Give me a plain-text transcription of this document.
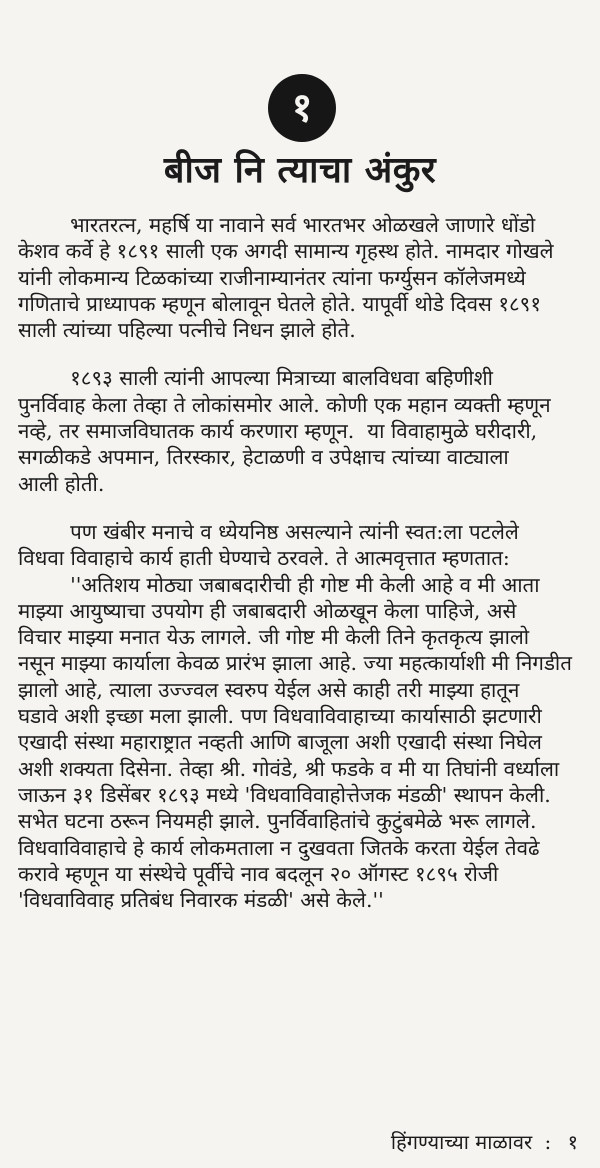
१
बीज नि त्याचा अंकुर

भारतरत्न, महर्षि या नावाने सर्व भारतभर ओळखले जाणारे धोंडो
केशव कर्वे हे १८९१ साली एक अगदी सामान्य गृहस्थ होते. नामदार गोखले
यांनी लोकमान्य टिळकांच्या राजीनाम्यानंतर त्यांना फर्ग्युसन कॉलेजमध्ये
गणिताचे प्राध्यापक म्हणून बोलावून घेतले होते. यापूर्वी थोडे दिवस १८९१
साली त्यांच्या पहिल्या पत्नीचे निधन झाले होते.

१८९३ साली त्यांनी आपल्या मित्राच्या बालविधवा बहिणीशी
पुनर्विवाह केला तेव्हा ते लोकांसमोर आले. कोणी एक महान व्यक्ती म्हणून
नव्हे, तर समाजविघातक कार्य करणारा म्हणून.  या विवाहामुळे घरीदारी,
सगळीकडे अपमान, तिरस्कार, हेटाळणी व उपेक्षाच त्यांच्या वाट्याला
आली होती.

पण खंबीर मनाचे व ध्येयनिष्ठ असल्याने त्यांनी स्वत:ला पटलेले
विधवा विवाहाचे कार्य हाती घेण्याचे ठरवले. ते आत्मवृत्तात म्हणतात:
''अतिशय मोठ्या जबाबदारीची ही गोष्ट मी केली आहे व मी आता
माझ्या आयुष्याचा उपयोग ही जबाबदारी ओळखून केला पाहिजे, असे
विचार माझ्या मनात येऊ लागले. जी गोष्ट मी केली तिने कृतकृत्य झालो
नसून माझ्या कार्याला केवळ प्रारंभ झाला आहे. ज्या महत्कार्याशी मी निगडीत
झालो आहे, त्याला उज्ज्वल स्वरुप येईल असे काही तरी माझ्या हातून
घडावे अशी इच्छा मला झाली. पण विधवाविवाहाच्या कार्यासाठी झटणारी
एखादी संस्था महाराष्ट्रात नव्हती आणि बाजूला अशी एखादी संस्था निघेल
अशी शक्यता दिसेना. तेव्हा श्री. गोवंडे, श्री फडके व मी या तिघांनी वर्ध्याला
जाऊन ३१ डिसेंबर १८९३ मध्ये 'विधवाविवाहोत्तेजक मंडळी' स्थापन केली.
सभेत घटना ठरून नियमही झाले. पुनर्विवाहितांचे कुटुंबमेळे भरू लागले.
विधवाविवाहाचे हे कार्य लोकमताला न दुखवता जितके करता येईल तेवढे
करावे म्हणून या संस्थेचे पूर्वीचे नाव बदलून २० ऑगस्ट १८९५ रोजी
'विधवाविवाह प्रतिबंध निवारक मंडळी' असे केले.''

हिंगण्याच्या माळावर : १
